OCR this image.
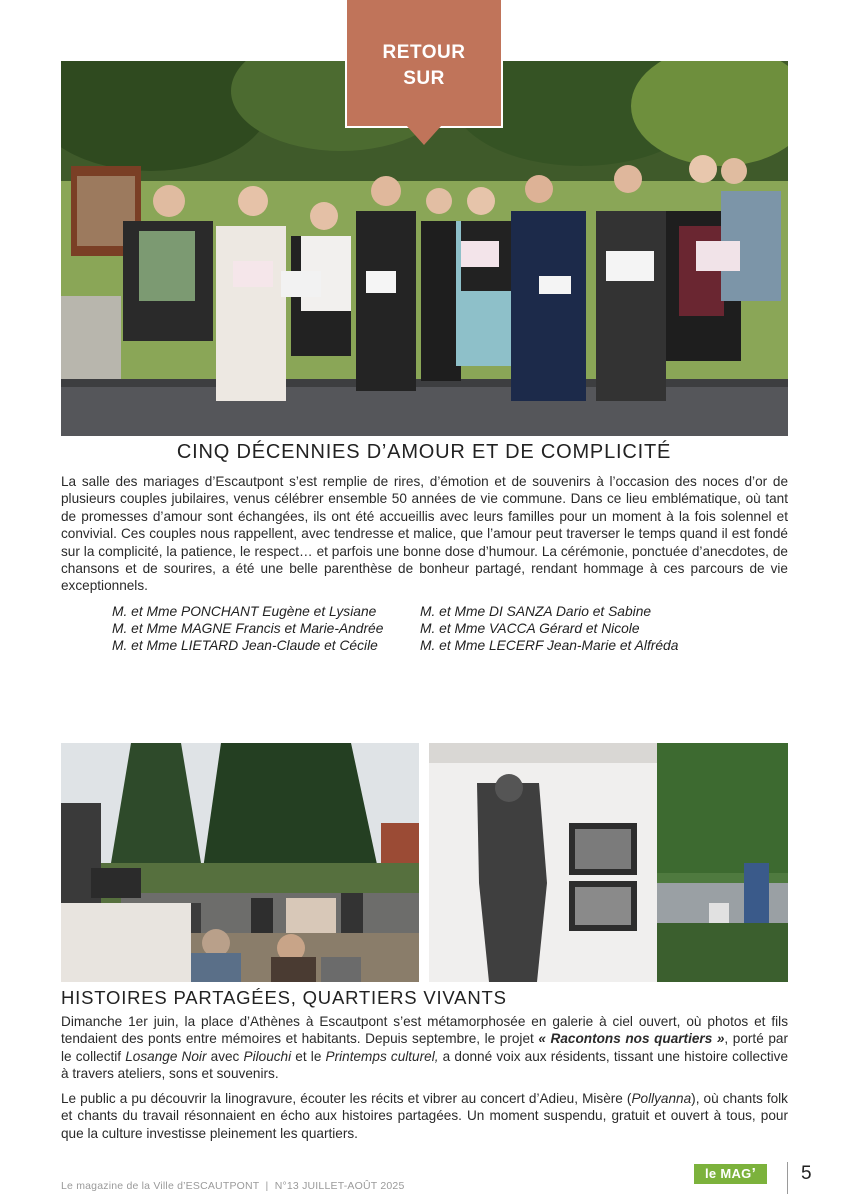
RETOUR
SUR
CINQ DÉCENNIES D’AMOUR ET DE COMPLICITÉ

La salle des mariages d’Escautpont s’est remplie de rires, d’émotion et de souvenirs à l’occasion des noces d’or de plusieurs couples jubilaires, venus célébrer ensemble 50 années de vie commune. Dans ce lieu emblématique, où tant de promesses d’amour sont échangées, ils ont été accueillis avec leurs familles pour un moment à la fois solennel et convivial. Ces couples nous rappellent, avec tendresse et malice, que l’amour peut traverser le temps quand il est fondé sur la complicité, la patience, le respect… et parfois une bonne dose d’humour. La cérémonie, ponctuée d’anecdotes, de chansons et de sourires, a été une belle parenthèse de bonheur partagé, rendant hommage à ces parcours de vie exceptionnels.

M. et Mme PONCHANT Eugène et Lysiane
M. et Mme MAGNE Francis et Marie-Andrée
M. et Mme LIETARD Jean-Claude et Cécile
M. et Mme DI SANZA Dario et Sabine
M. et Mme VACCA Gérard et Nicole
M. et Mme LECERF Jean-Marie et Alfréda
HISTOIRES PARTAGÉES, QUARTIERS VIVANTS

Dimanche 1er juin, la place d’Athènes à Escautpont s’est métamorphosée en galerie à ciel ouvert, où photos et fils tendaient des ponts entre mémoires et habitants. Depuis septembre, le projet « Racontons nos quartiers », porté par le collectif Losange Noir avec Pilouchi et le Printemps culturel, a donné voix aux résidents, tissant une histoire collective à travers ateliers, sons et souvenirs.

Le public a pu découvrir la linogravure, écouter les récits et vibrer au concert d’Adieu, Misère (Pollyanna), où chants folk et chants du travail résonnaient en écho aux histoires partagées. Un moment suspendu, gratuit et ouvert à tous, pour que la culture investisse pleinement les quartiers.

Le magazine de la Ville d’ESCAUTPONT | N°13 JUILLET-AOÛT 2025
le MAG’	5
